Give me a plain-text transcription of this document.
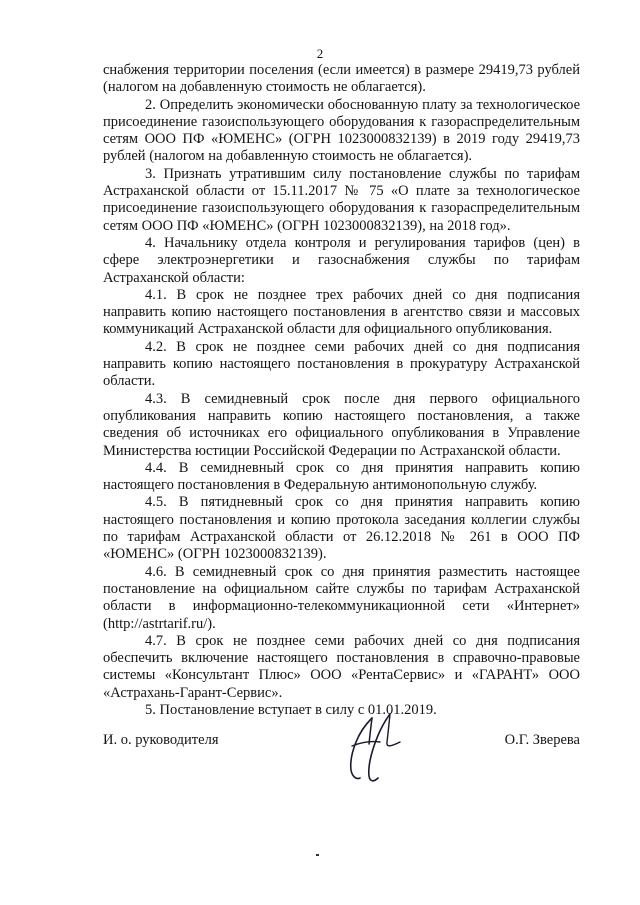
2

снабжения территории поселения (если имеется) в размере 29419,73 рублей (налогом на добавленную стоимость не облагается).

2. Определить экономически обоснованную плату за технологическое присоединение газоиспользующего оборудования к газораспределительным сетям ООО ПФ «ЮМЕНС» (ОГРН 1023000832139) в 2019 году 29419,73 рублей (налогом на добавленную стоимость не облагается).

3. Признать утратившим силу постановление службы по тарифам Астраханской области от 15.11.2017 № 75 «О плате за технологическое присоединение газоиспользующего оборудования к газораспределительным сетям ООО ПФ «ЮМЕНС» (ОГРН 1023000832139), на 2018 год».

4. Начальнику отдела контроля и регулирования тарифов (цен) в сфере электроэнергетики и газоснабжения службы по тарифам Астраханской области:

4.1. В срок не позднее трех рабочих дней со дня подписания направить копию настоящего постановления в агентство связи и массовых коммуникаций Астраханской области для официального опубликования.

4.2. В срок не позднее семи рабочих дней со дня подписания направить копию настоящего постановления в прокуратуру Астраханской области.

4.3. В семидневный срок после дня первого официального опубликования направить копию настоящего постановления, а также сведения об источниках его официального опубликования в Управление Министерства юстиции Российской Федерации по Астраханской области.

4.4. В семидневный срок со дня принятия направить копию настоящего постановления в Федеральную антимонопольную службу.

4.5. В пятидневный срок со дня принятия направить копию настоящего постановления и копию протокола заседания коллегии службы по тарифам Астраханской области от 26.12.2018 № 261 в ООО ПФ «ЮМЕНС» (ОГРН 1023000832139).

4.6. В семидневный срок со дня принятия разместить настоящее постановление на официальном сайте службы по тарифам Астраханской области в информационно-телекоммуникационной сети «Интернет» (http://astrtarif.ru/).

4.7. В срок не позднее семи рабочих дней со дня подписания обеспечить включение настоящего постановления в справочно-правовые системы «Консультант Плюс» ООО «РентаСервис» и «ГАРАНТ» ООО «Астрахань-Гарант-Сервис».

5. Постановление вступает в силу с 01.01.2019.

И. о. руководителя	О.Г. Зверева
